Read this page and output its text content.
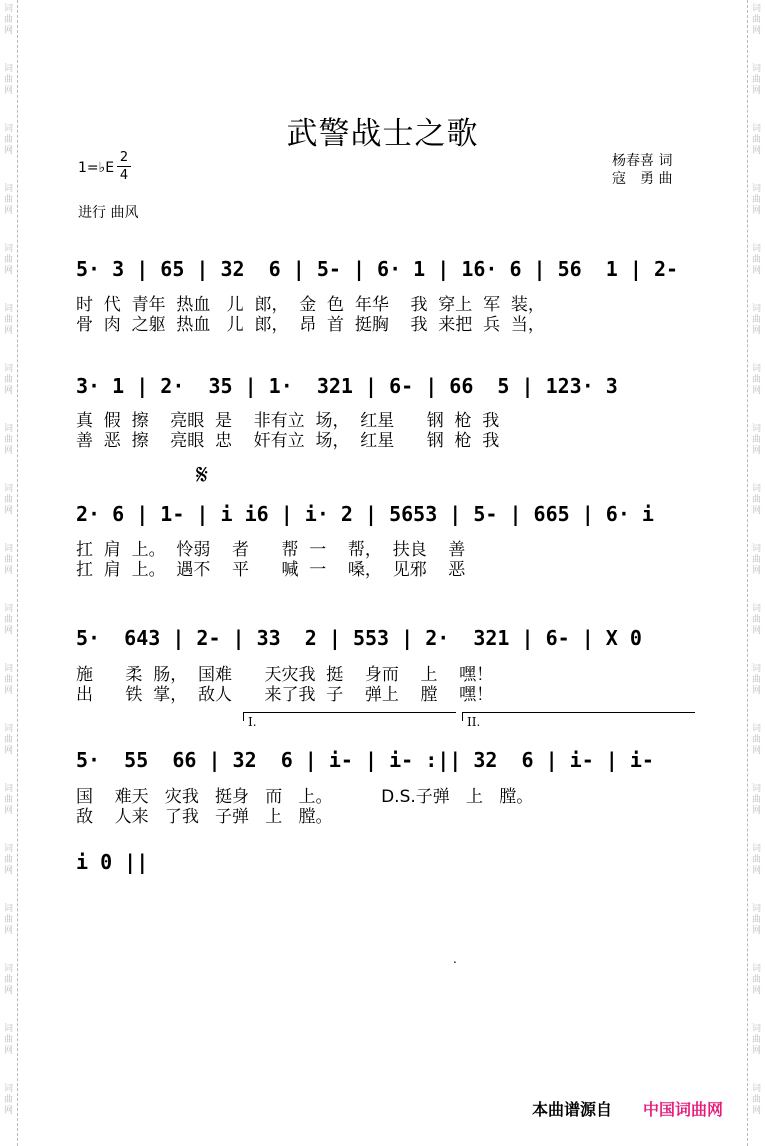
词
曲
网
词
曲
网
词
曲
网
词
曲
网
词
曲
网
词
曲
网
词
曲
网
词
曲
网
词
曲
网
词
曲
网
词
曲
网
词
曲
网
词
曲
网
词
曲
网
词
曲
网
词
曲
网
词
曲
网
词
曲
网
词
曲
网
词
曲
网
词
曲
网
词
曲
网
词
曲
网
词
曲
网
词
曲
网
词
曲
网
词
曲
网
词
曲
网
词
曲
网
词
曲
网
词
曲
网
词
曲
网
词
曲
网
词
曲
网
词
曲
网
词
曲
网
词
曲
网
词
曲
网
武警战士之歌
1=♭E
2
4
杨春喜 词
寇　勇 曲
进行 曲风
5· 3 | 65 | 32  6 | 5- | 6· 1 | 16· 6 | 56  1 | 2-
时  代  青年  热血   儿  郎，  金  色  年华    我  穿上  军  装，
骨  肉  之躯  热血   儿  郎，  昂  首  挺胸    我  来把  兵  当，
3· 1 | 2·  35 | 1·  321 | 6- | 66  5 | 123· 3
真  假  擦    亮眼  是    非有立  场，  红星      钢  枪  我
善  恶  擦    亮眼  忠    奸有立  场，  红星      钢  枪  我
𝄋
2· 6 | 1- | i i6 | i· 2 | 5653 | 5- | 665 | 6· i
扛  肩  上。  怜弱    者      帮  一    帮，  扶良    善
扛  肩  上。  遇不    平      喊  一    嗓，  见邪    恶
5·  643 | 2- | 33  2 | 553 | 2·  321 | 6- | X 0
施      柔  肠，  国难      天灾我  挺    身而    上    嘿！
出      铁  掌，  敌人      来了我  子    弹上    膛    嘿！
I.	II.
5·  55  66 | 32  6 | i- | i- :|| 32  6 | i- | i-
国    难天   灾我   挺身   而   上。         D.S.子弹   上   膛。
敌    人来   了我   子弹   上   膛。
i 0 ||
.
本曲谱源自 中国词曲网
